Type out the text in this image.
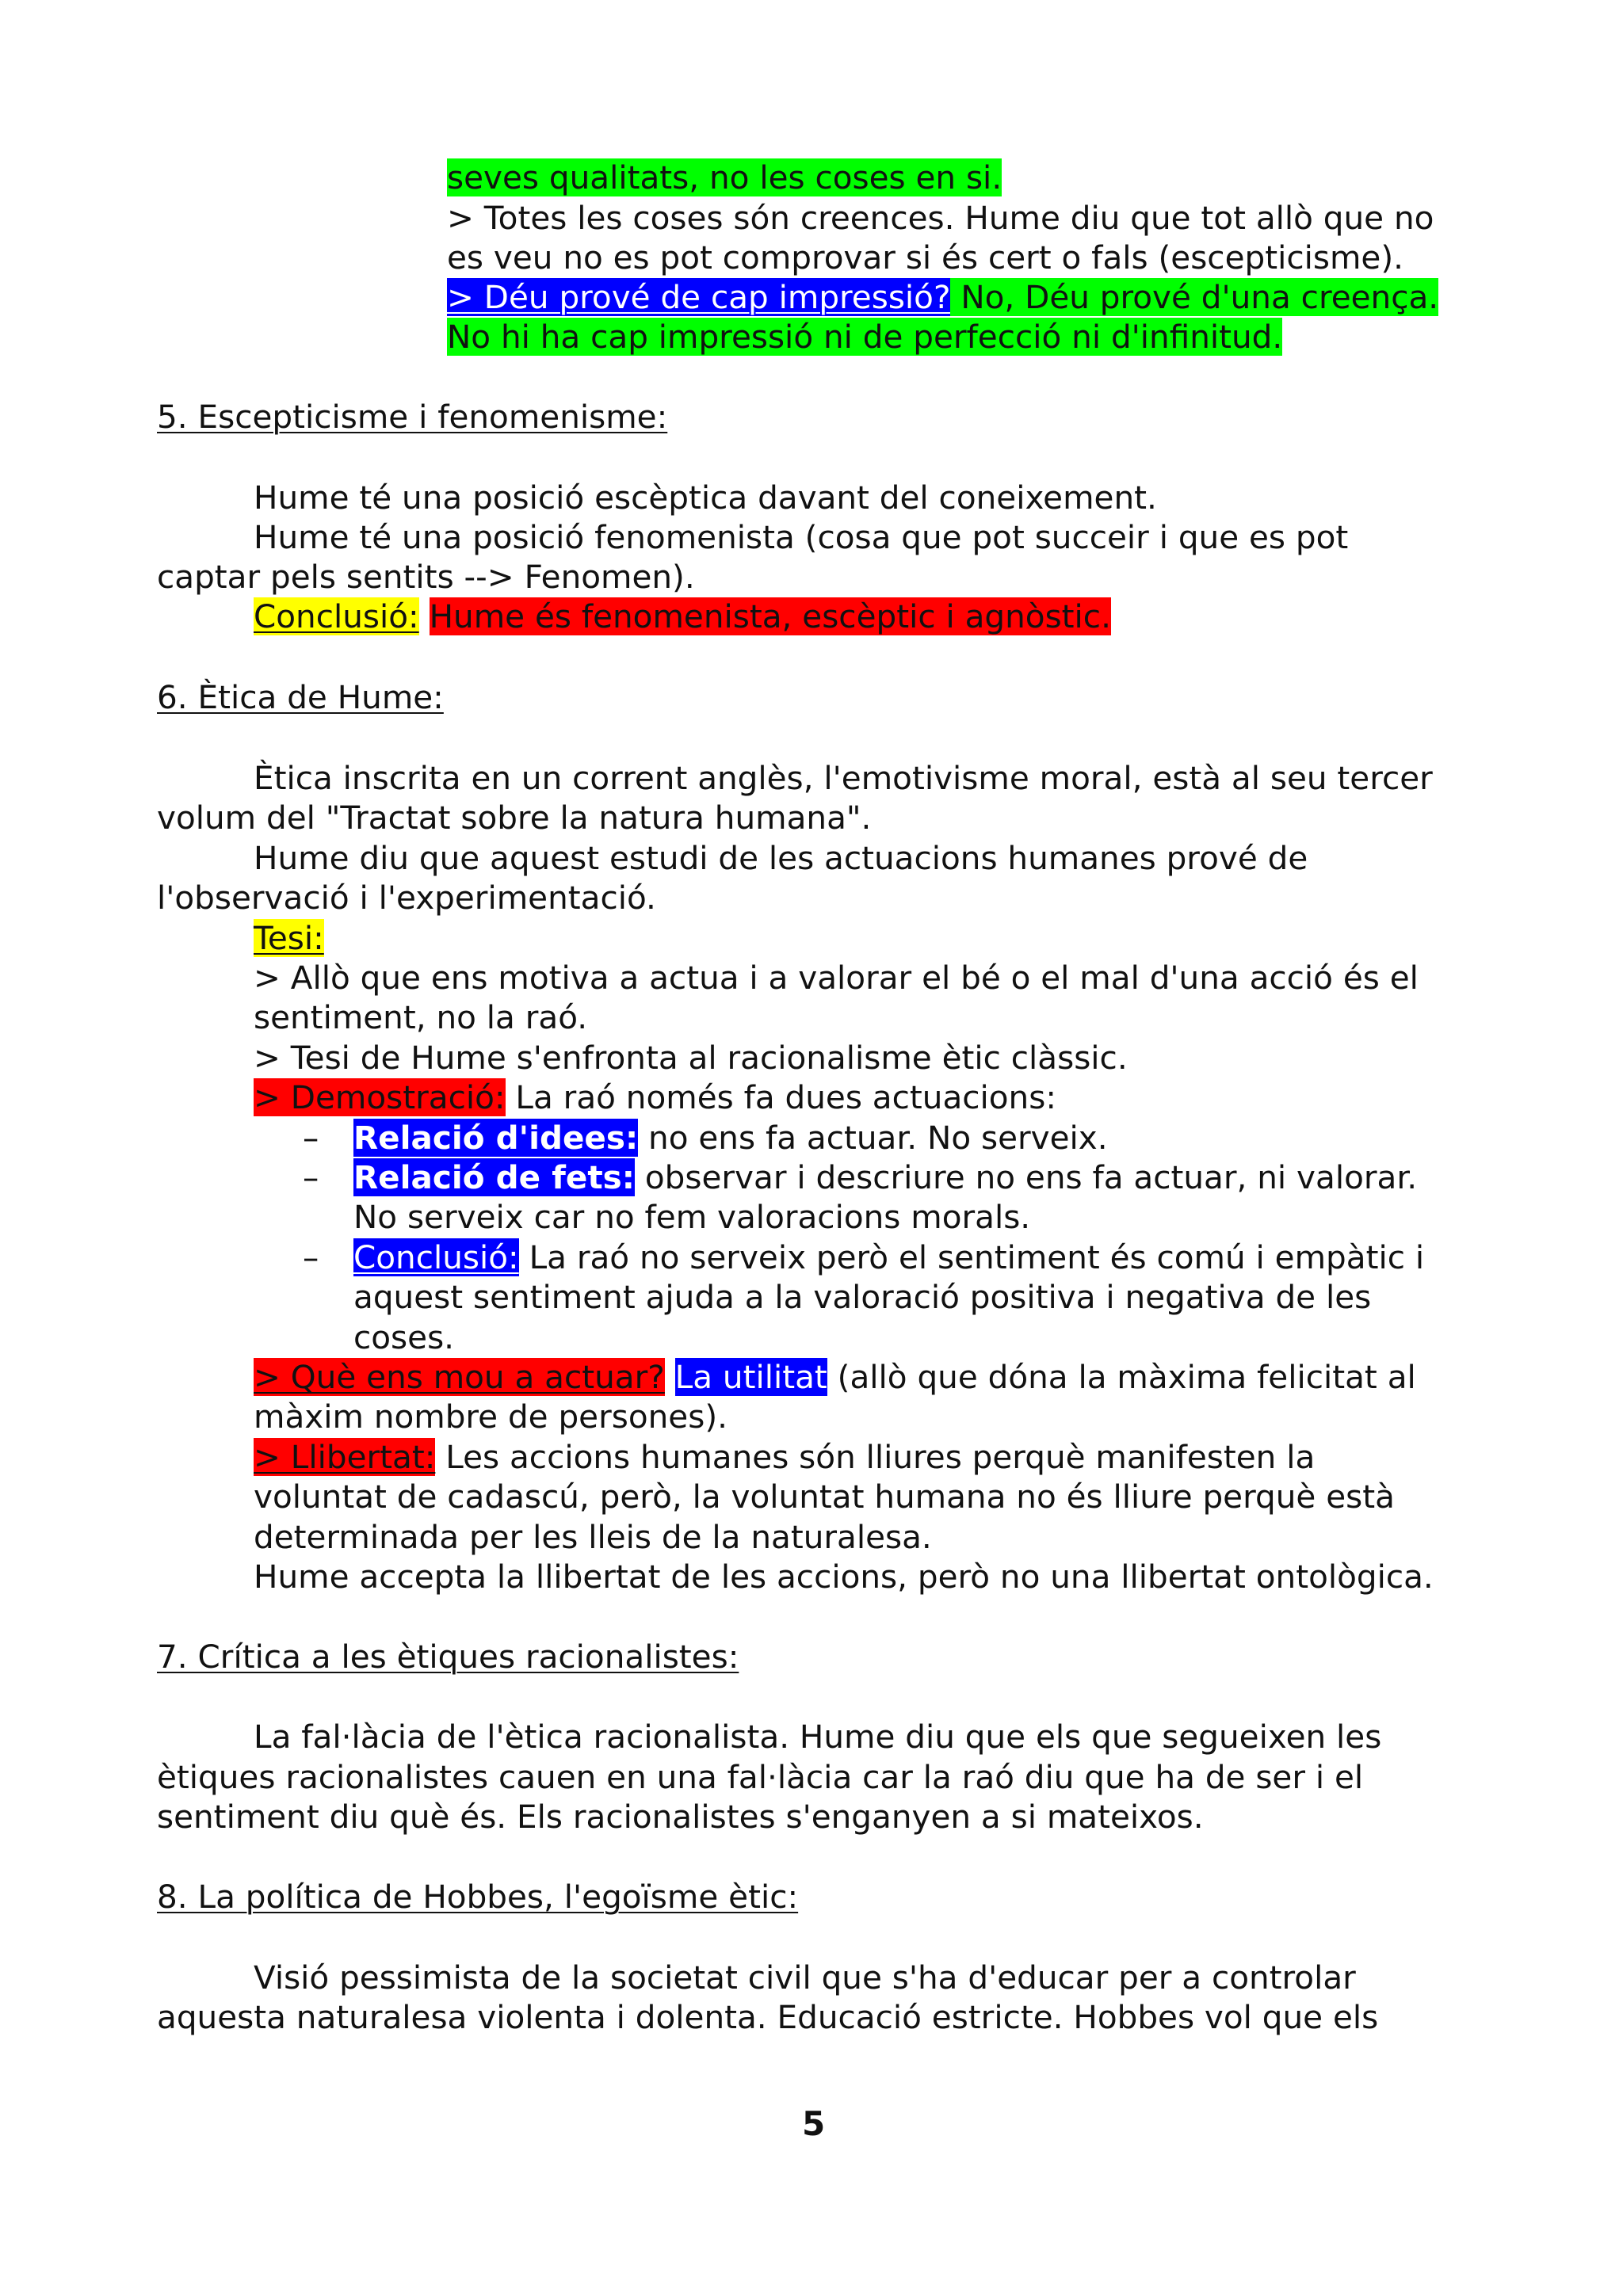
seves qualitats, no les coses en si.
> Totes les coses són creences. Hume diu que tot allò que no
es veu no es pot comprovar si és cert o fals (escepticisme).
> Déu prové de cap impressió? No, Déu prové d'una creença.
No hi ha cap impressió ni de perfecció ni d'infinitud.
5. Escepticisme i fenomenisme:
Hume té una posició escèptica davant del coneixement.
Hume té una posició fenomenista (cosa que pot succeir i que es pot
captar pels sentits --> Fenomen).
Conclusió: Hume és fenomenista, escèptic i agnòstic.
6. Ètica de Hume:
Ètica inscrita en un corrent anglès, l'emotivisme moral, està al seu tercer
volum del "Tractat sobre la natura humana".
Hume diu que aquest estudi de les actuacions humanes prové de
l'observació i l'experimentació.
Tesi:
> Allò que ens motiva a actua i a valorar el bé o el mal d'una acció és el
sentiment, no la raó.
> Tesi de Hume s'enfronta al racionalisme ètic clàssic.
> Demostració: La raó només fa dues actuacions:
– Relació d'idees: no ens fa actuar. No serveix.
– Relació de fets: observar i descriure no ens fa actuar, ni valorar.
No serveix car no fem valoracions morals.
– Conclusió: La raó no serveix però el sentiment és comú i empàtic i
aquest sentiment ajuda a la valoració positiva i negativa de les
coses.
> Què ens mou a actuar? La utilitat (allò que dóna la màxima felicitat al
màxim nombre de persones).
> Llibertat: Les accions humanes són lliures perquè manifesten la
voluntat de cadascú, però, la voluntat humana no és lliure perquè està
determinada per les lleis de la naturalesa.
Hume accepta la llibertat de les accions, però no una llibertat ontològica.
7. Crítica a les ètiques racionalistes:
La fal·làcia de l'ètica racionalista. Hume diu que els que segueixen les
ètiques racionalistes cauen en una fal·làcia car la raó diu que ha de ser i el
sentiment diu què és. Els racionalistes s'enganyen a si mateixos.
8. La política de Hobbes, l'egoïsme ètic:
Visió pessimista de la societat civil que s'ha d'educar per a controlar
aquesta naturalesa violenta i dolenta. Educació estricte. Hobbes vol que els
5
